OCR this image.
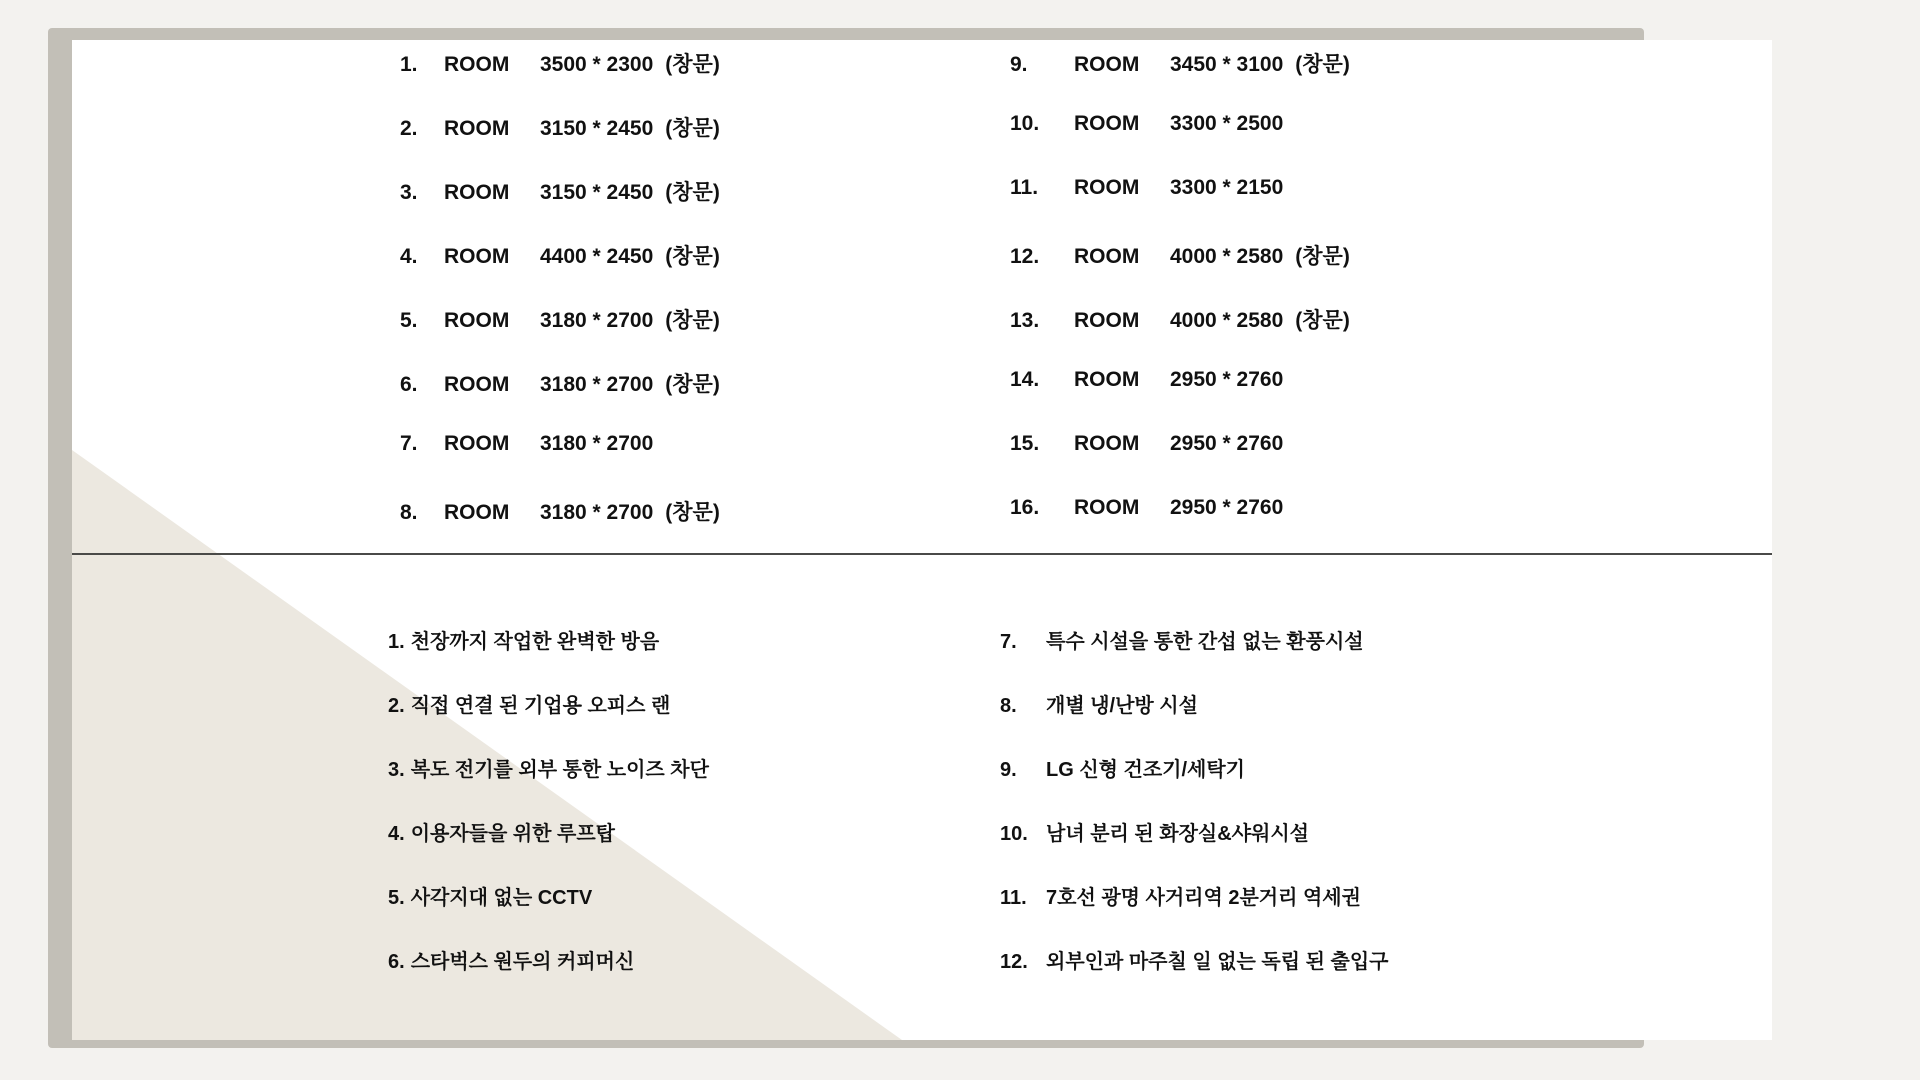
1.	ROOM	3500 * 2300 (창문)
2.	ROOM	3150 * 2450 (창문)
3.	ROOM	3150 * 2450 (창문)
4.	ROOM	4400 * 2450 (창문)
5.	ROOM	3180 * 2700 (창문)
6.	ROOM	3180 * 2700 (창문)
7.	ROOM	3180 * 2700
8.	ROOM	3180 * 2700 (창문)
9.	ROOM	3450 * 3100 (창문)
10.	ROOM	3300 * 2500
11.	ROOM	3300 * 2150
12.	ROOM	4000 * 2580 (창문)
13.	ROOM	4000 * 2580 (창문)
14.	ROOM	2950 * 2760
15.	ROOM	2950 * 2760
16.	ROOM	2950 * 2760
1. 천장까지 작업한 완벽한 방음
2. 직접 연결 된 기업용 오피스 랜
3. 복도 전기를 외부 통한 노이즈 차단
4. 이용자들을 위한 루프탑
5. 사각지대 없는 CCTV
6. 스타벅스 원두의 커피머신
7.	특수 시설을 통한 간섭 없는 환풍시설
8.	개별 냉/난방 시설
9.	LG 신형 건조기/세탁기
10. 남녀 분리 된 화장실&샤워시설
11. 7호선 광명 사거리역 2분거리 역세권
12. 외부인과 마주칠 일 없는 독립 된 출입구
